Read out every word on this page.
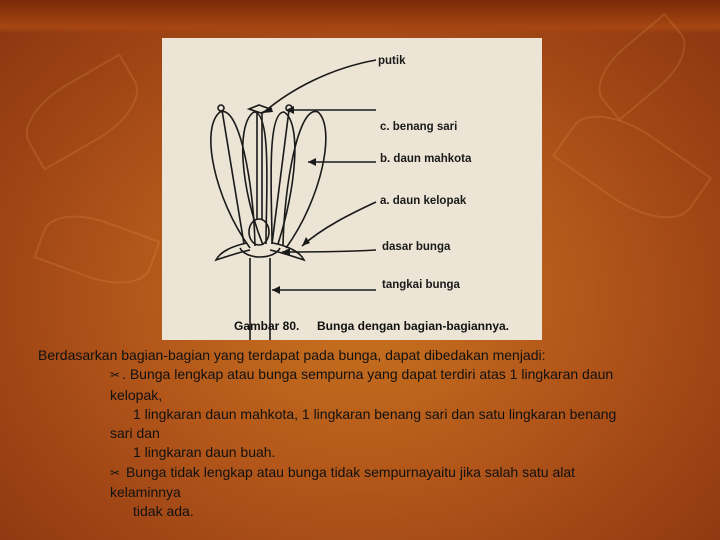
putik
c. benang sari
b. daun mahkota
a. daun kelopak
dasar bunga
tangkai bunga
Gambar 80. Bunga dengan bagian-bagiannya.

Berdasarkan bagian-bagian yang terdapat pada bunga, dapat dibedakan menjadi:

✂ . Bunga lengkap atau bunga sempurna yang dapat terdiri atas 1 lingkaran daun

kelopak,

1 lingkaran daun mahkota, 1 lingkaran benang sari dan satu lingkaran benang

sari dan

1 lingkaran daun buah.

✂ Bunga tidak lengkap atau bunga tidak sempurnayaitu jika salah satu alat

kelaminnya

tidak ada.
